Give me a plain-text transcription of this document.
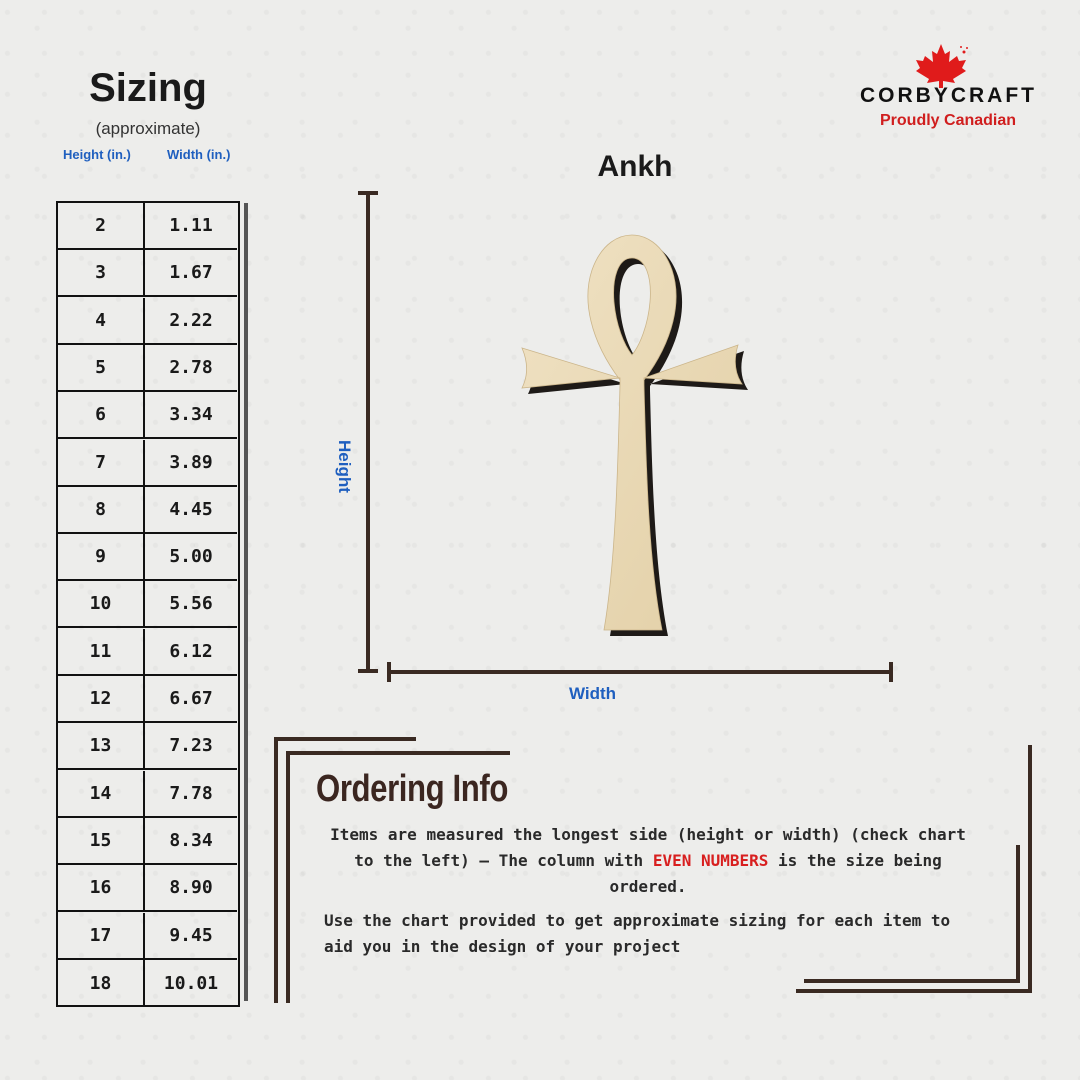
Sizing
(approximate)
Height (in.)	Width (in.)
2	1.11
3	1.67
4	2.22
5	2.78
6	3.34
7	3.89
8	4.45
9	5.00
10	5.56
11	6.12
12	6.67
13	7.23
14	7.78
15	8.34
16	8.90
17	9.45
18	10.01
CORBYCRAFT
Proudly Canadian
Ankh
Height
Width
Ordering Info
Items are measured the longest side (height or width) (check chart to the left) – The column with EVEN NUMBERS is the size being ordered.
Use the chart provided to get approximate sizing for each item to aid you in the design of your project
